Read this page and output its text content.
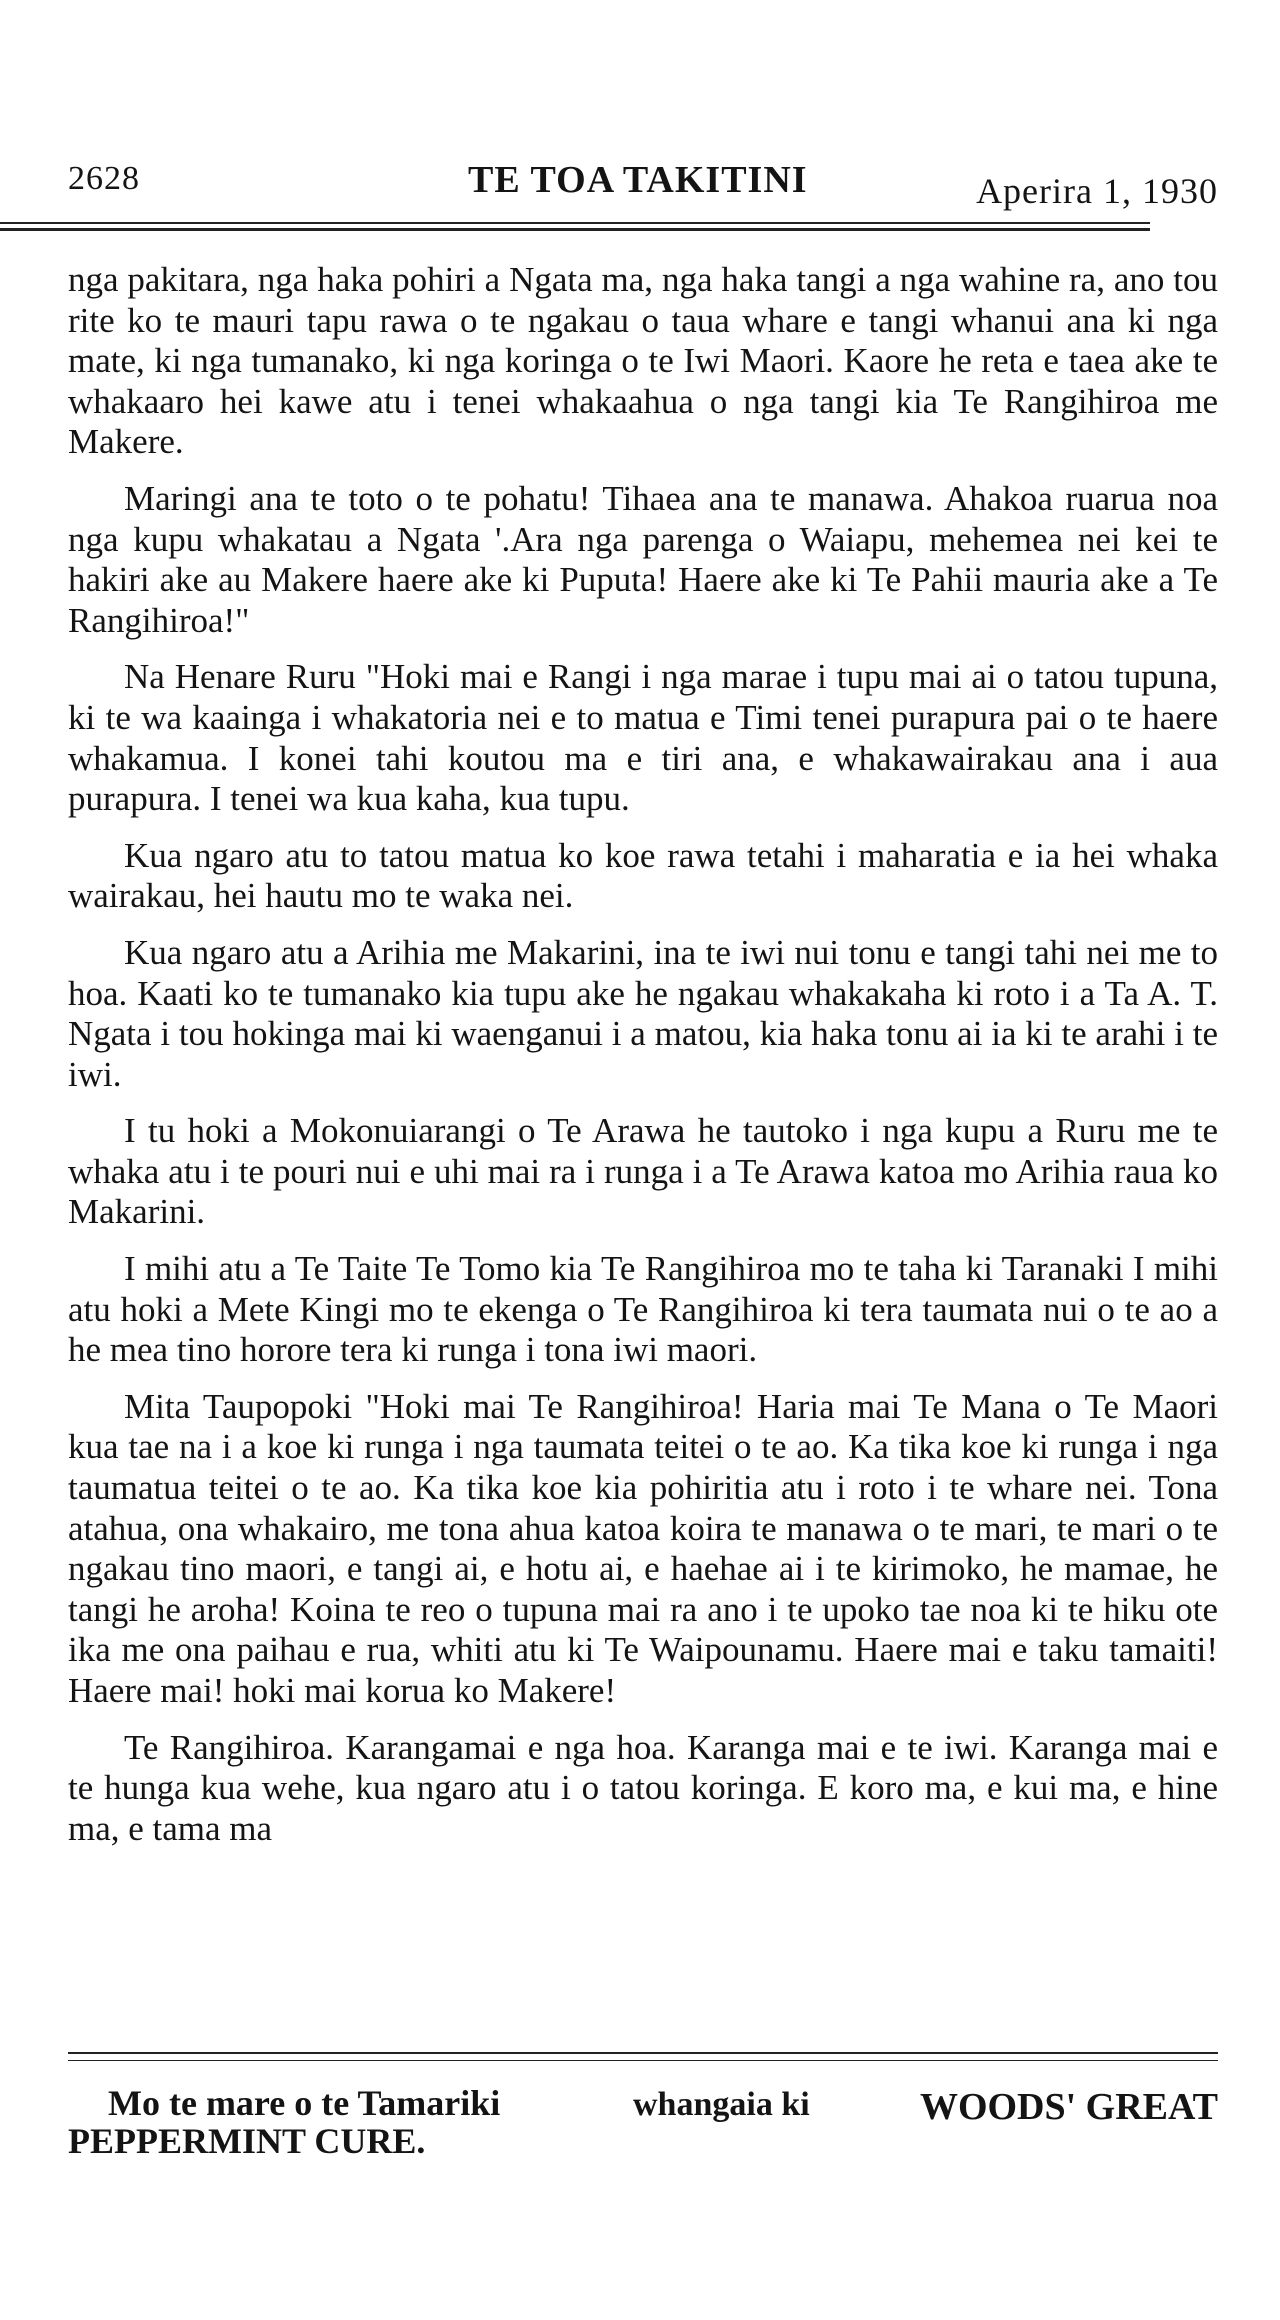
2628	TE TOA TAKITINI	Aperira 1, 1930

nga pakitara, nga haka pohiri a Ngata ma, nga haka tangi a nga wahine ra, ano tou rite ko te mauri tapu rawa o te ngakau o taua whare e tangi whanui ana ki nga mate, ki nga tumanako, ki nga koringa o te Iwi Maori. Kaore he reta e taea ake te whakaaro hei kawe atu i tenei whakaahua o nga tangi kia Te Rangihiroa me Makere.

Maringi ana te toto o te pohatu! Tihaea ana te manawa. Ahakoa ruarua noa nga kupu whakatau a Ngata '.Ara nga parenga o Waiapu, mehemea nei kei te hakiri ake au Makere haere ake ki Puputa! Haere ake ki Te Pahii mauria ake a Te Rangihiroa!"

Na Henare Ruru "Hoki mai e Rangi i nga marae i tupu mai ai o tatou tupuna, ki te wa kaainga i whakatoria nei e to matua e Timi tenei purapura pai o te haere whakamua. I konei tahi koutou ma e tiri ana, e whakawairakau ana i aua purapura. I tenei wa kua kaha, kua tupu.

Kua ngaro atu to tatou matua ko koe rawa tetahi i maharatia e ia hei whaka wairakau, hei hautu mo te waka nei.

Kua ngaro atu a Arihia me Makarini, ina te iwi nui tonu e tangi tahi nei me to hoa. Kaati ko te tumanako kia tupu ake he ngakau whakakaha ki roto i a Ta A. T. Ngata i tou hokinga mai ki waenganui i a matou, kia haka tonu ai ia ki te arahi i te iwi.

I tu hoki a Mokonuiarangi o Te Arawa he tautoko i nga kupu a Ruru me te whaka atu i te pouri nui e uhi mai ra i runga i a Te Arawa katoa mo Arihia raua ko Makarini.

I mihi atu a Te Taite Te Tomo kia Te Rangihiroa mo te taha ki Taranaki I mihi atu hoki a Mete Kingi mo te ekenga o Te Rangihiroa ki tera taumata nui o te ao a he mea tino horore tera ki runga i tona iwi maori.

Mita Taupopoki "Hoki mai Te Rangihiroa! Haria mai Te Mana o Te Maori kua tae na i a koe ki runga i nga taumata teitei o te ao. Ka tika koe ki runga i nga taumatua teitei o te ao. Ka tika koe kia pohiritia atu i roto i te whare nei. Tona atahua, ona whakairo, me tona ahua katoa koira te manawa o te mari, te mari o te ngakau tino maori, e tangi ai, e hotu ai, e haehae ai i te kirimoko, he mamae, he tangi he aroha! Koina te reo o tupuna mai ra ano i te upoko tae noa ki te hiku ote ika me ona paihau e rua, whiti atu ki Te Waipounamu. Haere mai e taku tamaiti! Haere mai! hoki mai korua ko Makere!

Te Rangihiroa. Karangamai e nga hoa. Karanga mai e te iwi. Karanga mai e te hunga kua wehe, kua ngaro atu i o tatou koringa. E koro ma, e kui ma, e hine ma, e tama ma

Mo te mare o te Tamariki	whangaia ki	WOODS' GREAT
PEPPERMINT CURE.
